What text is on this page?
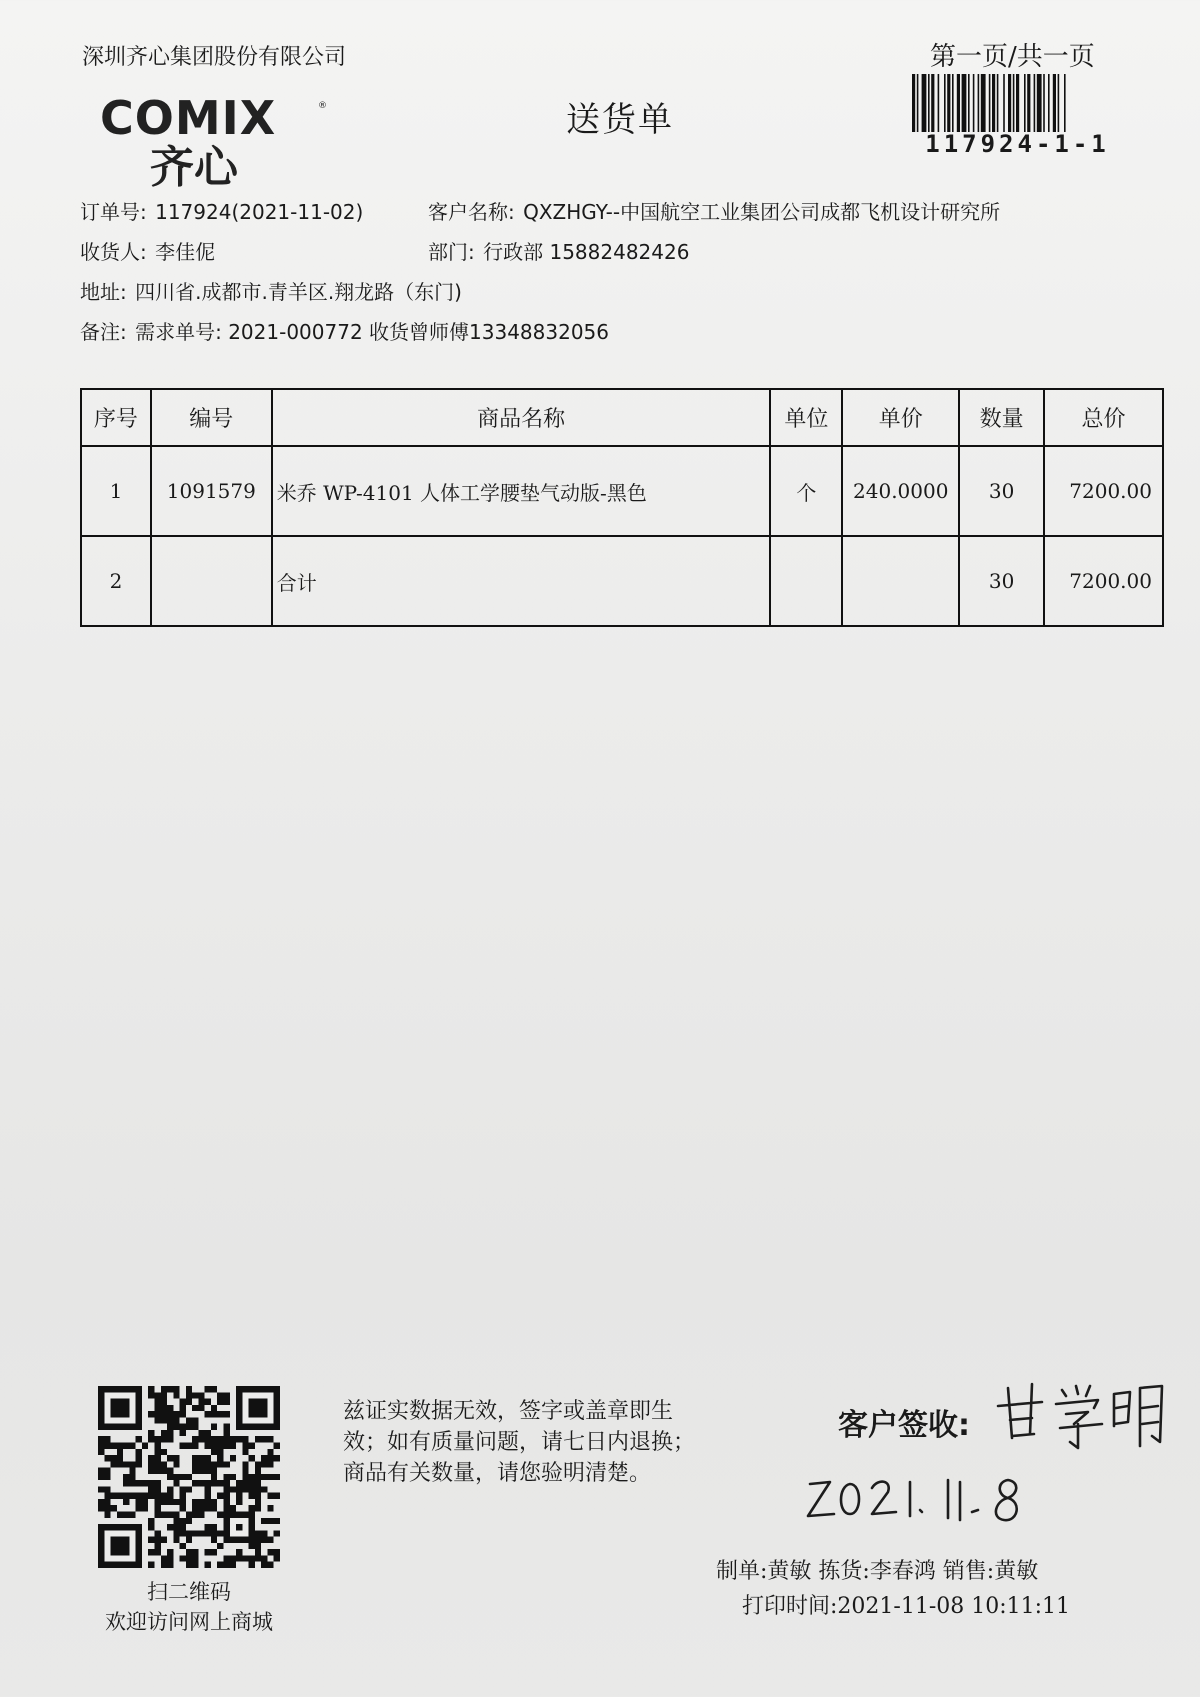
深圳齐心集团股份有限公司	第一页/共一页
COMIX	®
齐心
送货单
117924-1-1
订单号: 117924(2021-11-02)	客户名称: QXZHGY--中国航空工业集团公司成都飞机设计研究所
收货人: 李佳伲	部门: 行政部 15882482426
地址: 四川省.成都市.青羊区.翔龙路（东门)
备注: 需求单号: 2021-000772 收货曾师傅13348832056
序号	编号	商品名称	单位	单价	数量	总价
1	1091579	米乔 WP-4101 人体工学腰垫气动版-黑色	个	240.0000	30	7200.00
2		合计			30	7200.00
扫二维码
欢迎访问网上商城
兹证实数据无效，签字或盖章即生
效；如有质量问题，请七日内退换；
商品有关数量，请您验明清楚。
客户签收:
制单:黄敏 拣货:李春鸿 销售:黄敏
打印时间:2021-11-08 10:11:11
